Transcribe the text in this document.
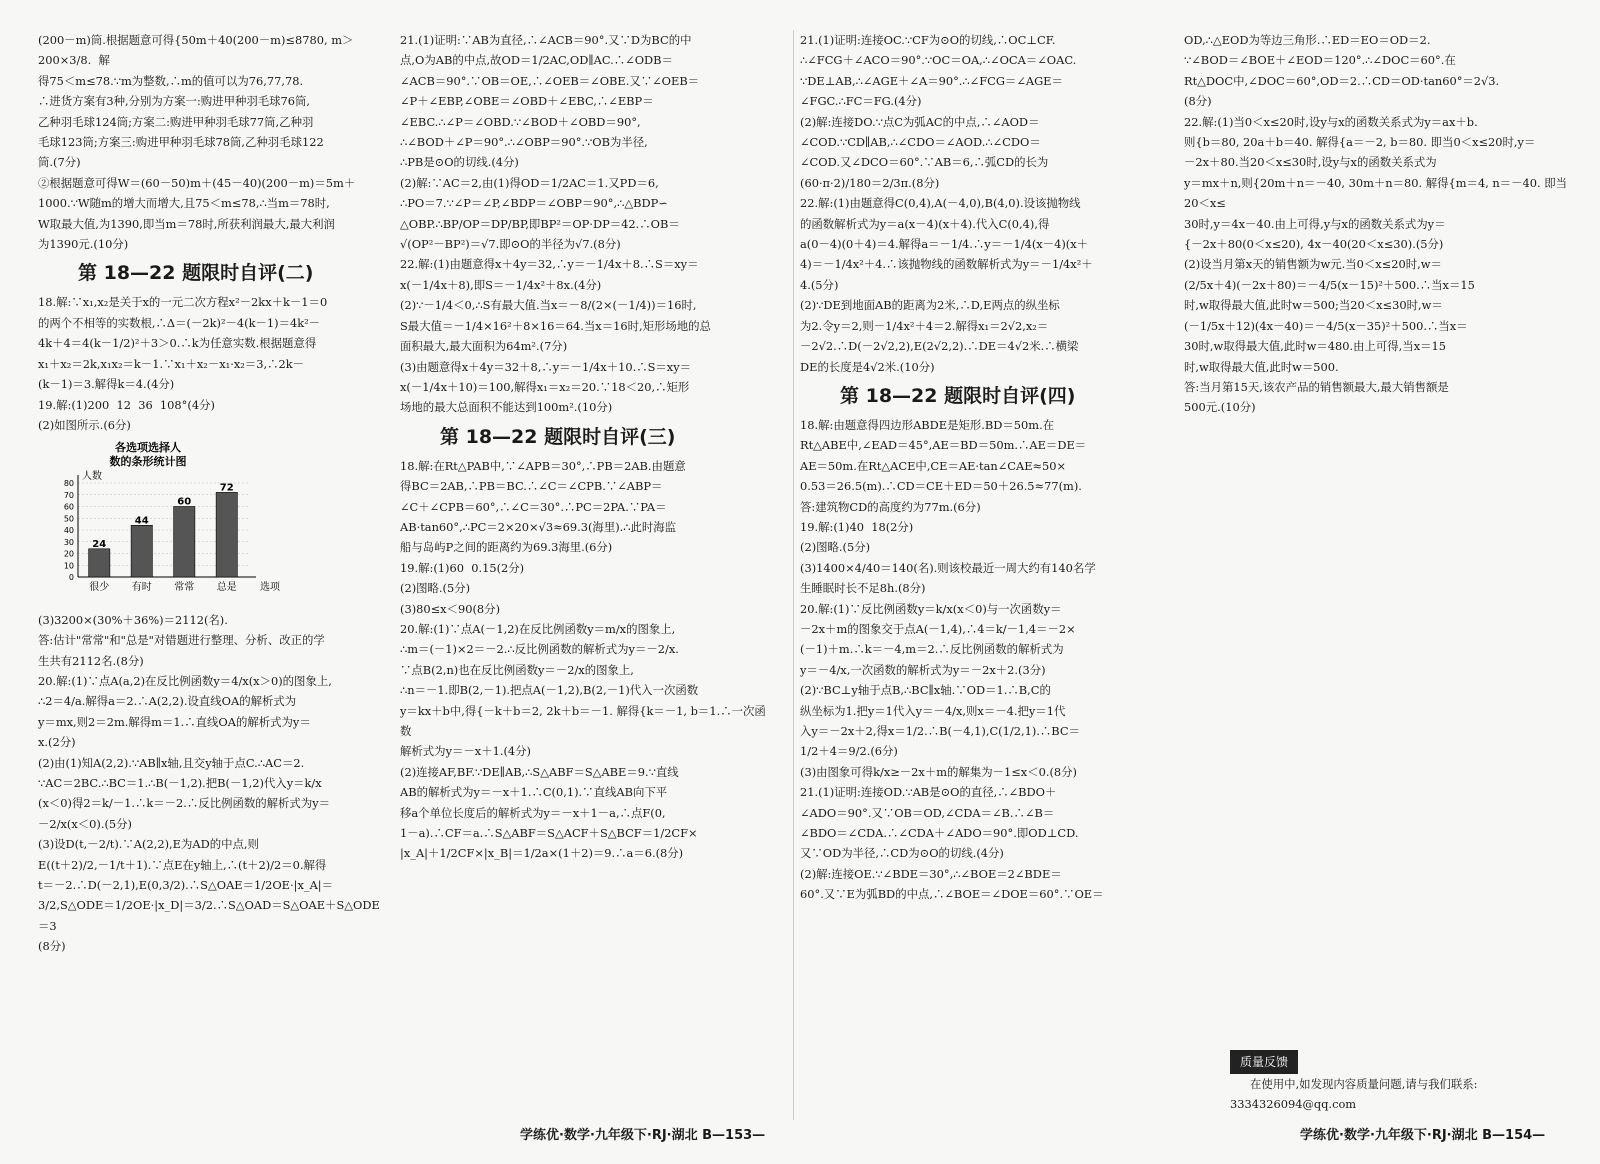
(200－m)筒.根据题意可得{50m＋40(200－m)≤8780, m＞200×3/8.  解

得75＜m≤78.∵m为整数,∴m的值可以为76,77,78.

∴进货方案有3种,分别为方案一:购进甲种羽毛球76筒,

乙种羽毛球124筒;方案二:购进甲种羽毛球77筒,乙种羽

毛球123筒;方案三:购进甲种羽毛球78筒,乙种羽毛球122

筒.(7分)

②根据题意可得W＝(60－50)m＋(45－40)(200－m)＝5m＋

1000.∵W随m的增大而增大,且75＜m≤78,∴当m＝78时,

W取最大值,为1390,即当m＝78时,所获利润最大,最大利润

为1390元.(10分)

第 18—22 题限时自评(二)

18.解:∵x₁,x₂是关于x的一元二次方程x²－2kx＋k－1＝0

的两个不相等的实数根,∴Δ＝(－2k)²－4(k－1)＝4k²－

4k＋4＝4(k－1/2)²＋3＞0.∴k为任意实数.根据题意得

x₁＋x₂＝2k,x₁x₂＝k－1.∵x₁＋x₂－x₁·x₂＝3,∴2k－

(k－1)＝3.解得k＝4.(4分)

19.解:(1)200  12  36  108°(4分)

(2)如图所示.(6分)

各选项选择人
数的条形统计图
人数
80
70
60
50
40
30
20
10
0
24
很少
44
有时
60
常常
72
总是 选项

(3)3200×(30%＋36%)＝2112(名).

答:估计"常常"和"总是"对错题进行整理、分析、改正的学

生共有2112名.(8分)

20.解:(1)∵点A(a,2)在反比例函数y＝4/x(x＞0)的图象上,

∴2＝4/a.解得a＝2.∴A(2,2).设直线OA的解析式为

y＝mx,则2＝2m.解得m＝1.∴直线OA的解析式为y＝

x.(2分)

(2)由(1)知A(2,2).∵AB∥x轴,且交y轴于点C.∴AC＝2.

∵AC＝2BC.∴BC＝1.∴B(－1,2).把B(－1,2)代入y＝k/x

(x＜0)得2＝k/－1.∴k＝－2.∴反比例函数的解析式为y＝

－2/x(x＜0).(5分)

(3)设D(t,－2/t).∵A(2,2),E为AD的中点,则

E((t＋2)/2,－1/t＋1).∵点E在y轴上,∴(t＋2)/2＝0.解得

t＝－2.∴D(－2,1),E(0,3/2).∴S△OAE＝1/2OE·|x_A|＝

3/2,S△ODE＝1/2OE·|x_D|＝3/2.∴S△OAD＝S△OAE＋S△ODE＝3

(8分)

21.(1)证明:∵AB为直径,∴∠ACB＝90°.又∵D为BC的中

点,O为AB的中点,故OD＝1/2AC,OD∥AC.∴∠ODB＝

∠ACB＝90°.∵OB＝OE,∴∠OEB＝∠OBE.又∵∠OEB＝

∠P＋∠EBP,∠OBE＝∠OBD＋∠EBC,∴∠EBP＝

∠EBC.∴∠P＝∠OBD.∵∠BOD＋∠OBD＝90°,

∴∠BOD＋∠P＝90°.∴∠OBP＝90°.∵OB为半径,

∴PB是⊙O的切线.(4分)

(2)解:∵AC＝2,由(1)得OD＝1/2AC＝1.又PD＝6,

∴PO＝7.∵∠P＝∠P,∠BDP＝∠OBP＝90°,∴△BDP∽

△OBP.∴BP/OP＝DP/BP,即BP²＝OP·DP＝42.∴OB＝

√(OP²－BP²)＝√7.即⊙O的半径为√7.(8分)

22.解:(1)由题意得x＋4y＝32,∴y＝－1/4x＋8.∴S＝xy＝

x(－1/4x＋8),即S＝－1/4x²＋8x.(4分)

(2)∵－1/4＜0,∴S有最大值.当x＝－8/(2×(－1/4))＝16时,

S最大值＝－1/4×16²＋8×16＝64.当x＝16时,矩形场地的总

面积最大,最大面积为64m².(7分)

(3)由题意得x＋4y＝32＋8,∴y＝－1/4x＋10.∴S＝xy＝

x(－1/4x＋10)＝100,解得x₁＝x₂＝20.∵18＜20,∴矩形

场地的最大总面积不能达到100m².(10分)

第 18—22 题限时自评(三)

18.解:在Rt△PAB中,∵∠APB＝30°,∴PB＝2AB.由题意

得BC＝2AB,∴PB＝BC.∴∠C＝∠CPB.∵∠ABP＝

∠C＋∠CPB＝60°,∴∠C＝30°.∴PC＝2PA.∵PA＝

AB·tan60°,∴PC＝2×20×√3≈69.3(海里).∴此时海监

船与岛屿P之间的距离约为69.3海里.(6分)

19.解:(1)60  0.15(2分)

(2)图略.(5分)

(3)80≤x＜90(8分)

20.解:(1)∵点A(－1,2)在反比例函数y＝m/x的图象上,

∴m＝(－1)×2＝－2.∴反比例函数的解析式为y＝－2/x.

∵点B(2,n)也在反比例函数y＝－2/x的图象上,

∴n＝－1.即B(2,－1).把点A(－1,2),B(2,－1)代入一次函数

y＝kx＋b中,得{－k＋b＝2, 2k＋b＝－1. 解得{k＝－1, b＝1.∴一次函数

解析式为y＝－x＋1.(4分)

(2)连接AF,BF.∵DE∥AB,∴S△ABF＝S△ABE＝9.∵直线

AB的解析式为y＝－x＋1.∴C(0,1).∵直线AB向下平

移a个单位长度后的解析式为y＝－x＋1－a,∴点F(0,

1－a).∴CF＝a.∴S△ABF＝S△ACF＋S△BCF＝1/2CF×

|x_A|＋1/2CF×|x_B|＝1/2a×(1＋2)＝9.∴a＝6.(8分)

21.(1)证明:连接OC.∵CF为⊙O的切线,∴OC⊥CF.

∴∠FCG＋∠ACO＝90°.∵OC＝OA,∴∠OCA＝∠OAC.

∵DE⊥AB,∴∠AGE＋∠A＝90°.∴∠FCG＝∠AGE＝

∠FGC.∴FC＝FG.(4分)

(2)解:连接DO.∵点C为弧AC的中点,∴∠AOD＝

∠COD.∵CD∥AB,∴∠CDO＝∠AOD.∴∠CDO＝

∠COD.又∠DCO＝60°.∵AB＝6,∴弧CD的长为

(60·π·2)/180＝2/3π.(8分)

22.解:(1)由题意得C(0,4),A(－4,0),B(4,0).设该抛物线

的函数解析式为y＝a(x－4)(x＋4).代入C(0,4),得

a(0－4)(0＋4)＝4.解得a＝－1/4.∴y＝－1/4(x－4)(x＋

4)＝－1/4x²＋4.∴该抛物线的函数解析式为y＝－1/4x²＋

4.(5分)

(2)∵DE到地面AB的距离为2米,∴D,E两点的纵坐标

为2.令y＝2,则－1/4x²＋4＝2.解得x₁＝2√2,x₂＝

－2√2.∴D(－2√2,2),E(2√2,2).∴DE＝4√2米.∴横梁

DE的长度是4√2米.(10分)

第 18—22 题限时自评(四)

18.解:由题意得四边形ABDE是矩形.BD＝50m.在

Rt△ABE中,∠EAD＝45°,AE＝BD＝50m.∴AE＝DE＝

AE＝50m.在Rt△ACE中,CE＝AE·tan∠CAE≈50×

0.53＝26.5(m).∴CD＝CE＋ED＝50＋26.5≈77(m).

答:建筑物CD的高度约为77m.(6分)

19.解:(1)40  18(2分)

(2)图略.(5分)

(3)1400×4/40＝140(名).则该校最近一周大约有140名学

生睡眠时长不足8h.(8分)

20.解:(1)∵反比例函数y＝k/x(x＜0)与一次函数y＝

－2x＋m的图象交于点A(－1,4),∴4＝k/－1,4＝－2×

(－1)＋m.∴k＝－4,m＝2.∴反比例函数的解析式为

y＝－4/x,一次函数的解析式为y＝－2x＋2.(3分)

(2)∵BC⊥y轴于点B,∴BC∥x轴.∵OD＝1.∴B,C的

纵坐标为1.把y＝1代入y＝－4/x,则x＝－4.把y＝1代

入y＝－2x＋2,得x＝1/2.∴B(－4,1),C(1/2,1).∴BC＝

1/2＋4＝9/2.(6分)

(3)由图象可得k/x≥－2x＋m的解集为－1≤x＜0.(8分)

21.(1)证明:连接OD.∵AB是⊙O的直径,∴∠BDO＋

∠ADO＝90°.又∵OB＝OD,∠CDA＝∠B.∴∠B＝

∠BDO＝∠CDA.∴∠CDA＋∠ADO＝90°.即OD⊥CD.

又∵OD为半径,∴CD为⊙O的切线.(4分)

(2)解:连接OE.∵∠BDE＝30°,∴∠BOE＝2∠BDE＝

60°.又∵E为弧BD的中点,∴∠BOE＝∠DOE＝60°.∵OE＝

OD,∴△EOD为等边三角形.∴ED＝EO＝OD＝2.

∵∠BOD＝∠BOE＋∠EOD＝120°.∴∠DOC＝60°.在

Rt△DOC中,∠DOC＝60°,OD＝2.∴CD＝OD·tan60°＝2√3.

(8分)

22.解:(1)当0＜x≤20时,设y与x的函数关系式为y＝ax＋b.

则{b＝80, 20a＋b＝40. 解得{a＝－2, b＝80. 即当0＜x≤20时,y＝

－2x＋80.当20＜x≤30时,设y与x的函数关系式为

y＝mx＋n,则{20m＋n＝－40, 30m＋n＝80. 解得{m＝4, n＝－40. 即当20＜x≤

30时,y＝4x－40.由上可得,y与x的函数关系式为y＝

{－2x＋80(0＜x≤20), 4x－40(20＜x≤30).(5分)

(2)设当月第x天的销售额为w元.当0＜x≤20时,w＝

(2/5x＋4)(－2x＋80)＝－4/5(x－15)²＋500.∴当x＝15

时,w取得最大值,此时w＝500;当20＜x≤30时,w＝

(－1/5x＋12)(4x－40)＝－4/5(x－35)²＋500.∴当x＝

30时,w取得最大值,此时w＝480.由上可得,当x＝15

时,w取得最大值,此时w＝500.

答:当月第15天,该农产品的销售额最大,最大销售额是

500元.(10分)

质量反馈
在使用中,如发现内容质量问题,请与我们联系:
3334326094@qq.com
学练优·数学·九年级下·RJ·湖北 B—153—	学练优·数学·九年级下·RJ·湖北 B—154—
